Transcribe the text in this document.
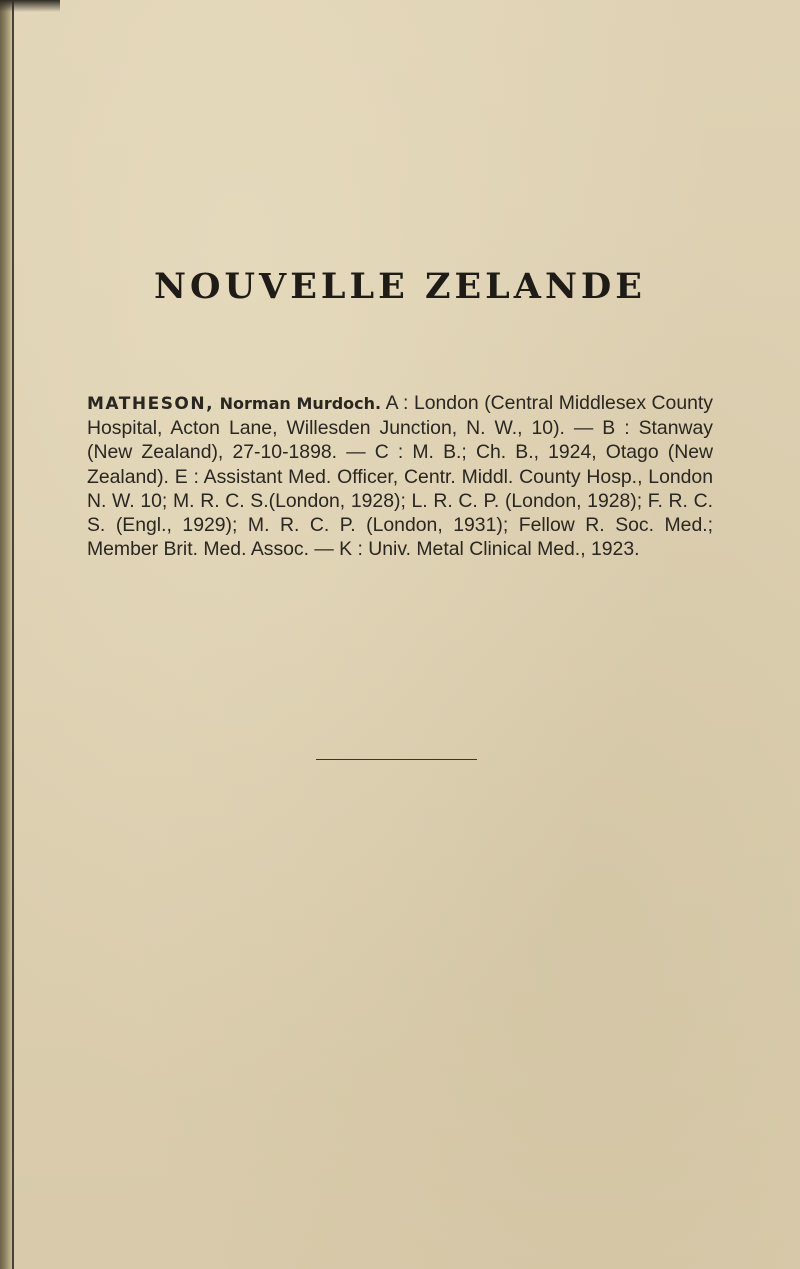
NOUVELLE ZELANDE

MATHESON, Norman Murdoch. A : London (Central Middlesex County Hospital, Acton Lane, Willesden Junction, N. W., 10). — B : Stanway (New Zealand), 27-10-1898. — C : M. B.; Ch. B., 1924, Otago (New Zealand). E : Assistant Med. Officer, Centr. Middl. County Hosp., London N. W. 10; M. R. C. S.(London, 1928); L. R. C. P. (London, 1928); F. R. C. S. (Engl., 1929); M. R. C. P. (London, 1931); Fellow R. Soc. Med.; Member Brit. Med. Assoc. — K : Univ. Metal Clinical Med., 1923.
